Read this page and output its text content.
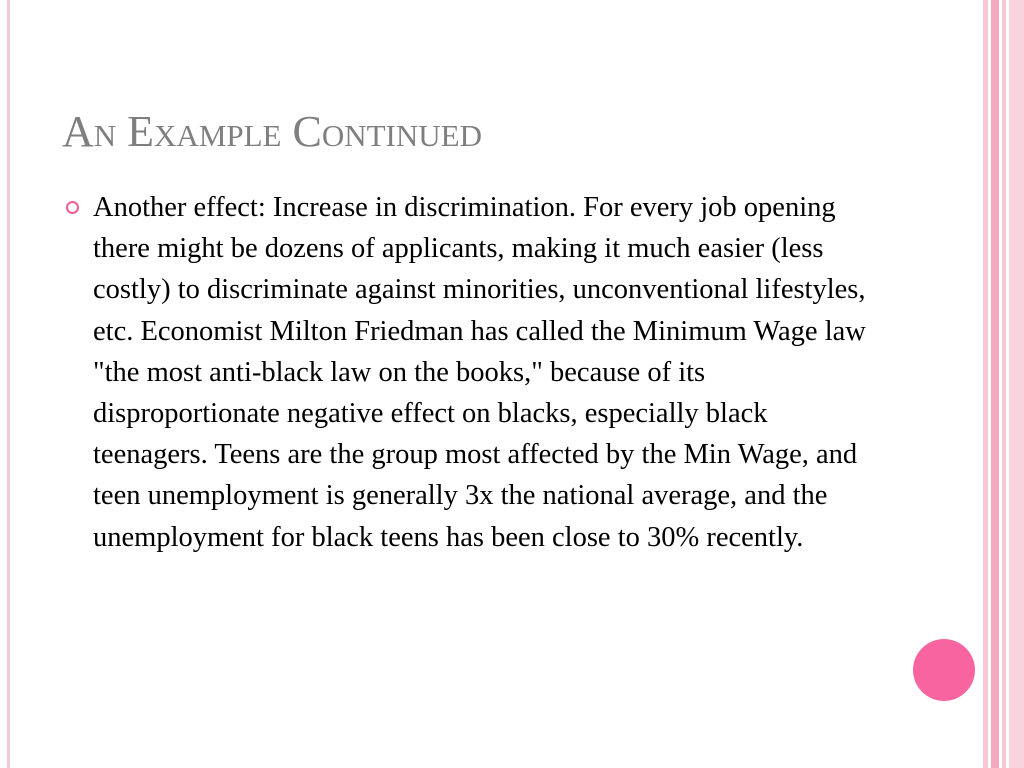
An Example Continued

Another effect: Increase in discrimination. For every job opening there might be dozens of applicants, making it much easier (less costly) to discriminate against minorities, unconventional lifestyles, etc. Economist Milton Friedman has called the Minimum Wage law "the most anti-black law on the books," because of its disproportionate negative effect on blacks, especially black teenagers. Teens are the group most affected by the Min Wage, and teen unemployment is generally 3x the national average, and the unemployment for black teens has been close to 30% recently.
